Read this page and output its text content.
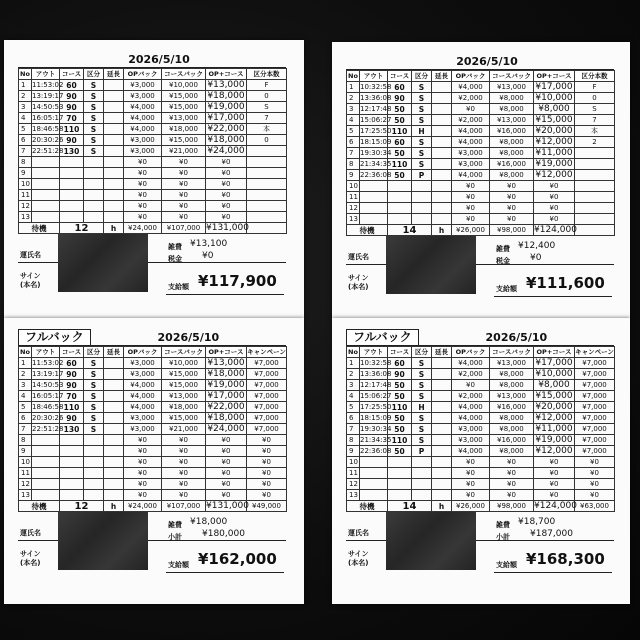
2026/5/10
No	アウト	コース	区分	延長	OPバック	コースバック	OP+コース	区分本数
1	11:53:02	60	S		¥3,000	¥10,000	¥13,000	F
2	13:19:17	90	S		¥3,000	¥15,000	¥18,000	0
3	14:50:53	90	S		¥4,000	¥15,000	¥19,000	S
4	16:05:17	70	S		¥4,000	¥13,000	¥17,000	7
5	18:46:58	110	S		¥4,000	¥18,000	¥22,000	本
6	20:30:26	90	S		¥3,000	¥15,000	¥18,000	0
7	22:51:28	130	S		¥3,000	¥21,000	¥24,000	
8					¥0	¥0	¥0	
9					¥0	¥0	¥0	
10					¥0	¥0	¥0	
11					¥0	¥0	¥0	
12					¥0	¥0	¥0	
13					¥0	¥0	¥0	
待機		12		h	¥24,000	¥107,000	¥131,000	
運氏名
雑費 ¥13,100
税金 ¥0
サイン
(本名)	支給額 ¥117,900
2026/5/10
No	アウト	コース	区分	延長	OPバック	コースバック	OP+コース	区分本数
1	10:32:58	60	S		¥4,000	¥13,000	¥17,000	F
2	13:36:08	90	S		¥2,000	¥8,000	¥10,000	0
3	12:17:48	50	S		¥0	¥8,000	¥8,000	S
4	15:06:27	50	S		¥2,000	¥13,000	¥15,000	7
5	17:25:50	110	H		¥4,000	¥16,000	¥20,000	本
6	18:15:09	60	S		¥4,000	¥8,000	¥12,000	2
7	19:30:34	50	S		¥3,000	¥8,000	¥11,000	
8	21:34:35	110	S		¥3,000	¥16,000	¥19,000	
9	22:36:08	50	P		¥4,000	¥8,000	¥12,000	
10					¥0	¥0	¥0	
11					¥0	¥0	¥0	
12					¥0	¥0	¥0	
13					¥0	¥0	¥0	
待機		14		h	¥26,000	¥98,000	¥124,000	
運氏名
雑費 ¥12,400
税金 ¥0
サイン
(本名)	支給額 ¥111,600
フルバック	2026/5/10
No	アウト	コース	区分	延長	OPバック	コースバック	OP+コース	キャンペーン
1	11:53:02	60	S		¥3,000	¥10,000	¥13,000	¥7,000
2	13:19:17	90	S		¥3,000	¥15,000	¥18,000	¥7,000
3	14:50:53	90	S		¥4,000	¥15,000	¥19,000	¥7,000
4	16:05:17	70	S		¥4,000	¥13,000	¥17,000	¥7,000
5	18:46:58	110	S		¥4,000	¥18,000	¥22,000	¥7,000
6	20:30:26	90	S		¥3,000	¥15,000	¥18,000	¥7,000
7	22:51:28	130	S		¥3,000	¥21,000	¥24,000	¥7,000
8					¥0	¥0	¥0	¥0
9					¥0	¥0	¥0	¥0
10					¥0	¥0	¥0	¥0
11					¥0	¥0	¥0	¥0
12					¥0	¥0	¥0	¥0
13					¥0	¥0	¥0	¥0
待機		12		h	¥24,000	¥107,000	¥131,000	¥49,000
運氏名
雑費 ¥18,000
小計 ¥180,000
サイン
(本名)	支給額 ¥162,000
フルバック	2026/5/10
No	アウト	コース	区分	延長	OPバック	コースバック	OP+コース	キャンペーン
1	10:32:58	60	S		¥4,000	¥13,000	¥17,000	¥7,000
2	13:36:08	90	S		¥2,000	¥8,000	¥10,000	¥7,000
3	12:17:48	50	S		¥0	¥8,000	¥8,000	¥7,000
4	15:06:27	50	S		¥2,000	¥13,000	¥15,000	¥7,000
5	17:25:50	110	H		¥4,000	¥16,000	¥20,000	¥7,000
6	18:15:09	50	S		¥4,000	¥8,000	¥12,000	¥7,000
7	19:30:34	50	S		¥3,000	¥8,000	¥11,000	¥7,000
8	21:34:35	110	S		¥3,000	¥16,000	¥19,000	¥7,000
9	22:36:08	50	P		¥4,000	¥8,000	¥12,000	¥7,000
10					¥0	¥0	¥0	¥0
11					¥0	¥0	¥0	¥0
12					¥0	¥0	¥0	¥0
13					¥0	¥0	¥0	¥0
待機		14		h	¥26,000	¥98,000	¥124,000	¥63,000
運氏名
雑費 ¥18,700
小計 ¥187,000
サイン
(本名)	支給額 ¥168,300
